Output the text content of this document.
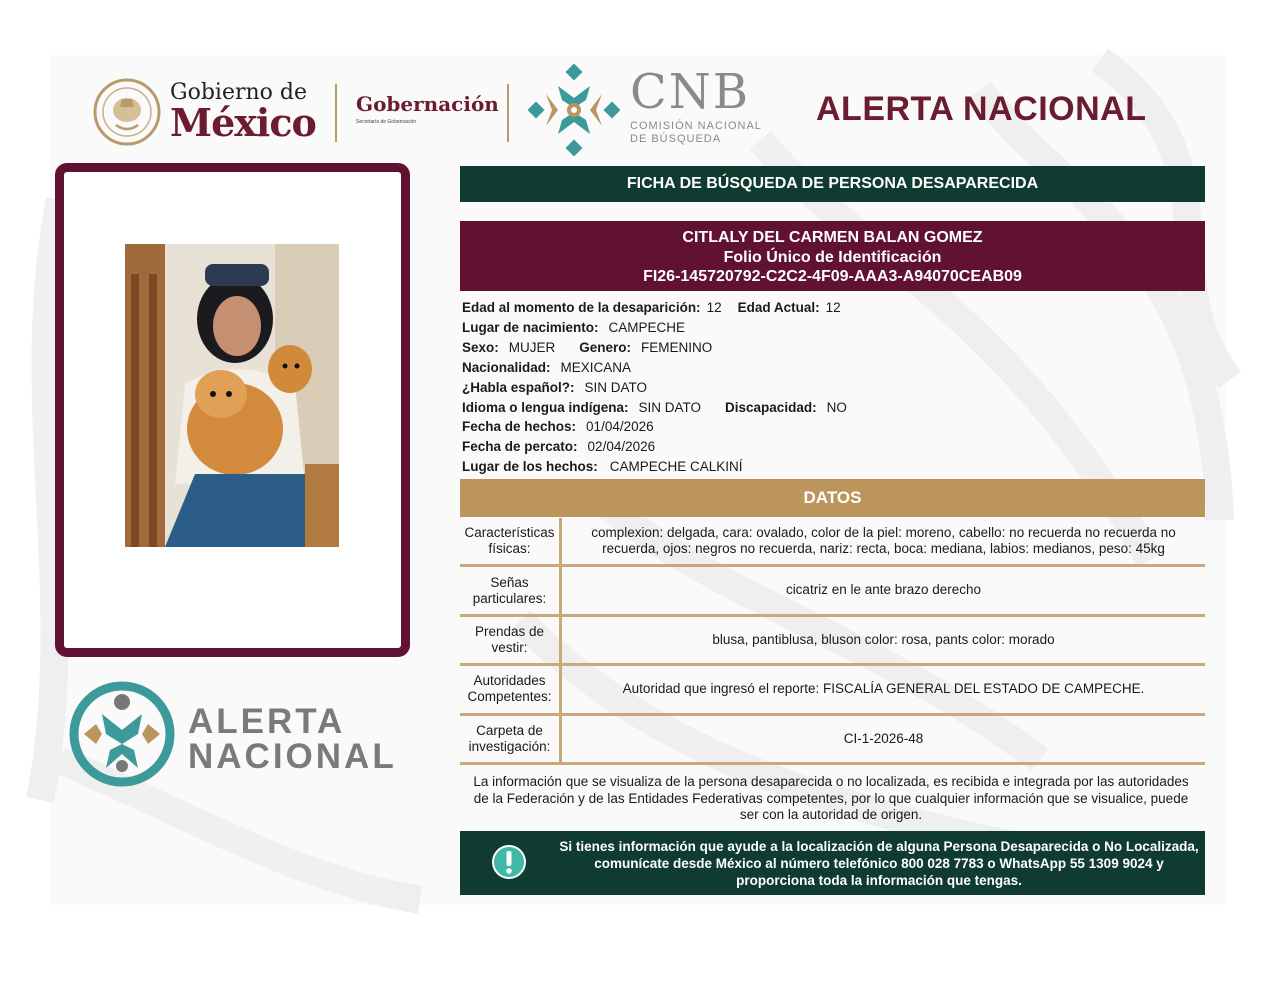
Gobierno de
México Gobernación
Secretaría de Gobernación
CNB
COMISIÓN NACIONAL
DE BÚSQUEDA
ALERTA NACIONAL
ALERTA
NACIONAL
FICHA DE BÚSQUEDA DE PERSONA DESAPARECIDA
CITLALY DEL CARMEN BALAN GOMEZ
Folio Único de Identificación
FI26-145720792-C2C2-4F09-AAA3-A94070CEAB09
Edad al momento de la desaparición: 12 Edad Actual: 12
Lugar de nacimiento: CAMPECHE
Sexo: MUJER Genero: FEMENINO
Nacionalidad: MEXICANA
¿Habla español?: SIN DATO
Idioma o lengua indígena: SIN DATO Discapacidad: NO
Fecha de hechos: 01/04/2026
Fecha de percato: 02/04/2026
Lugar de los hechos: CAMPECHE CALKINÍ
DATOS
Características físicas:
complexion: delgada, cara: ovalado, color de la piel: moreno, cabello: no recuerda no recuerda no recuerda, ojos: negros no recuerda, nariz: recta, boca: mediana, labios: medianos, peso: 45kg
Señas particulares:
cicatriz en le ante brazo derecho
Prendas de vestir:
blusa, pantiblusa, bluson color: rosa, pants color: morado
Autoridades Competentes:
Autoridad que ingresó el reporte: FISCALÍA GENERAL DEL ESTADO DE CAMPECHE.
Carpeta de investigación:
CI-1-2026-48
La información que se visualiza de la persona desaparecida o no localizada, es recibida e integrada por las autoridades de la Federación y de las Entidades Federativas competentes, por lo que cualquier información que se visualice, puede ser con la autoridad de origen.
Si tienes información que ayude a la localización de alguna Persona Desaparecida o No Localizada, comunícate desde México al número telefónico 800 028 7783 o WhatsApp 55 1309 9024 y proporciona toda la información que tengas.
